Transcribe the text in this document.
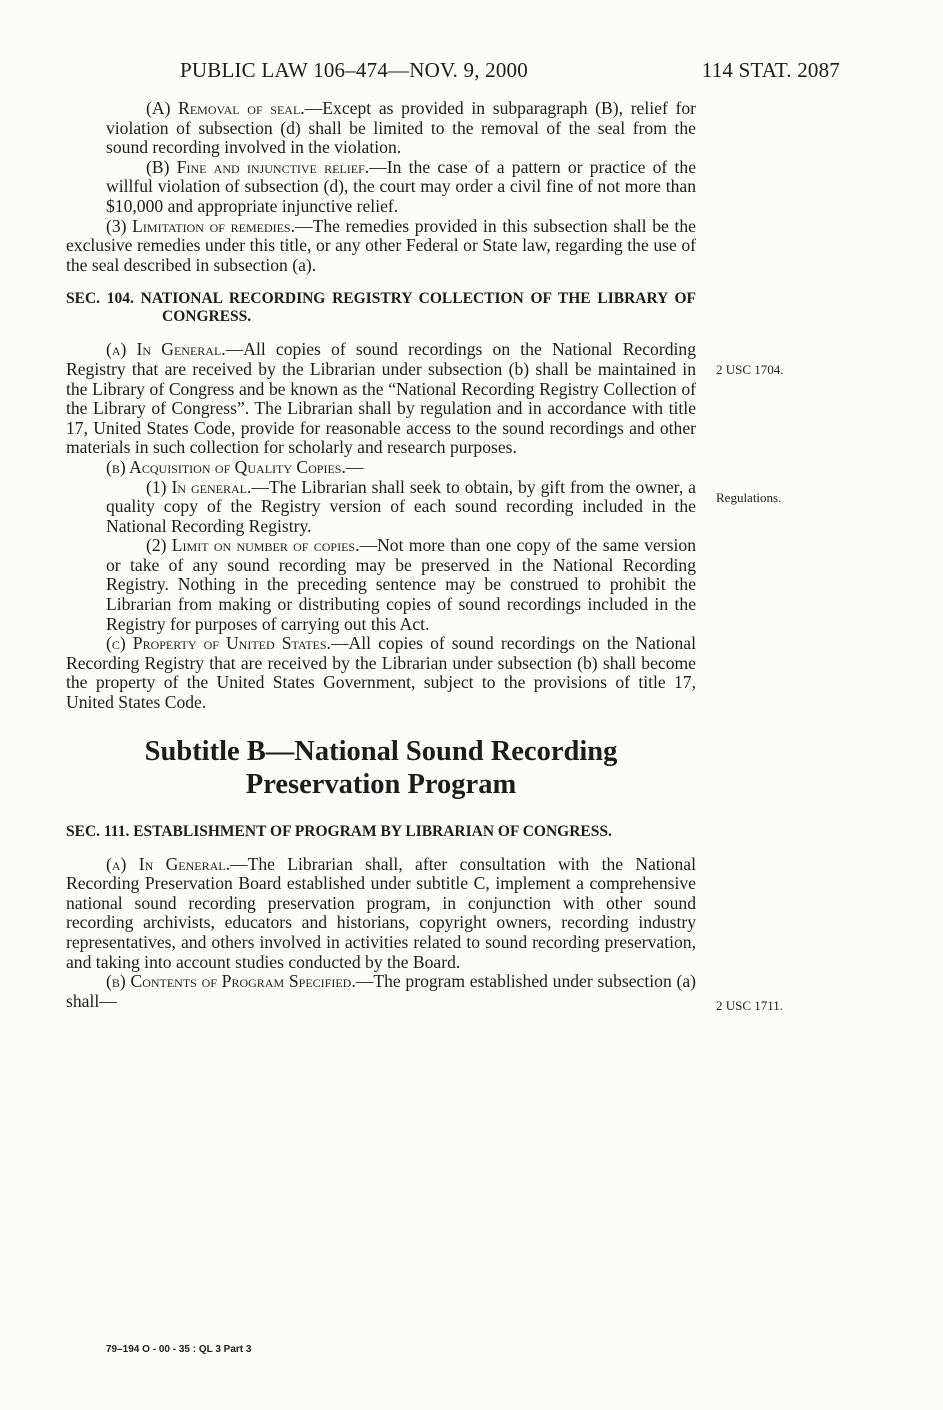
PUBLIC LAW 106–474—NOV. 9, 2000	114 STAT. 2087

(A) Removal of seal.—Except as provided in subparagraph (B), relief for violation of subsection (d) shall be limited to the removal of the seal from the sound recording involved in the violation.

(B) Fine and injunctive relief.—In the case of a pattern or practice of the willful violation of subsection (d), the court may order a civil fine of not more than $10,000 and appropriate injunctive relief.

(3) Limitation of remedies.—The remedies provided in this subsection shall be the exclusive remedies under this title, or any other Federal or State law, regarding the use of the seal described in subsection (a).

SEC. 104. NATIONAL RECORDING REGISTRY COLLECTION OF THE LIBRARY OF CONGRESS.

(a) In General.—All copies of sound recordings on the National Recording Registry that are received by the Librarian under subsection (b) shall be maintained in the Library of Congress and be known as the “National Recording Registry Collection of the Library of Congress”. The Librarian shall by regulation and in accordance with title 17, United States Code, provide for reasonable access to the sound recordings and other materials in such collection for scholarly and research purposes.

(b) Acquisition of Quality Copies.—

(1) In general.—The Librarian shall seek to obtain, by gift from the owner, a quality copy of the Registry version of each sound recording included in the National Recording Registry.

(2) Limit on number of copies.—Not more than one copy of the same version or take of any sound recording may be preserved in the National Recording Registry. Nothing in the preceding sentence may be construed to prohibit the Librarian from making or distributing copies of sound recordings included in the Registry for purposes of carrying out this Act.

(c) Property of United States.—All copies of sound recordings on the National Recording Registry that are received by the Librarian under subsection (b) shall become the property of the United States Government, subject to the provisions of title 17, United States Code.

Subtitle B—National Sound Recording
Preservation Program
SEC. 111. ESTABLISHMENT OF PROGRAM BY LIBRARIAN OF CONGRESS.

(a) In General.—The Librarian shall, after consultation with the National Recording Preservation Board established under subtitle C, implement a comprehensive national sound recording preservation program, in conjunction with other sound recording archivists, educators and historians, copyright owners, recording industry representatives, and others involved in activities related to sound recording preservation, and taking into account studies conducted by the Board.

(b) Contents of Program Specified.—The program established under subsection (a) shall—

2 USC 1704.
Regulations.
2 USC 1711.
79–194 O - 00 - 35 : QL 3 Part 3
